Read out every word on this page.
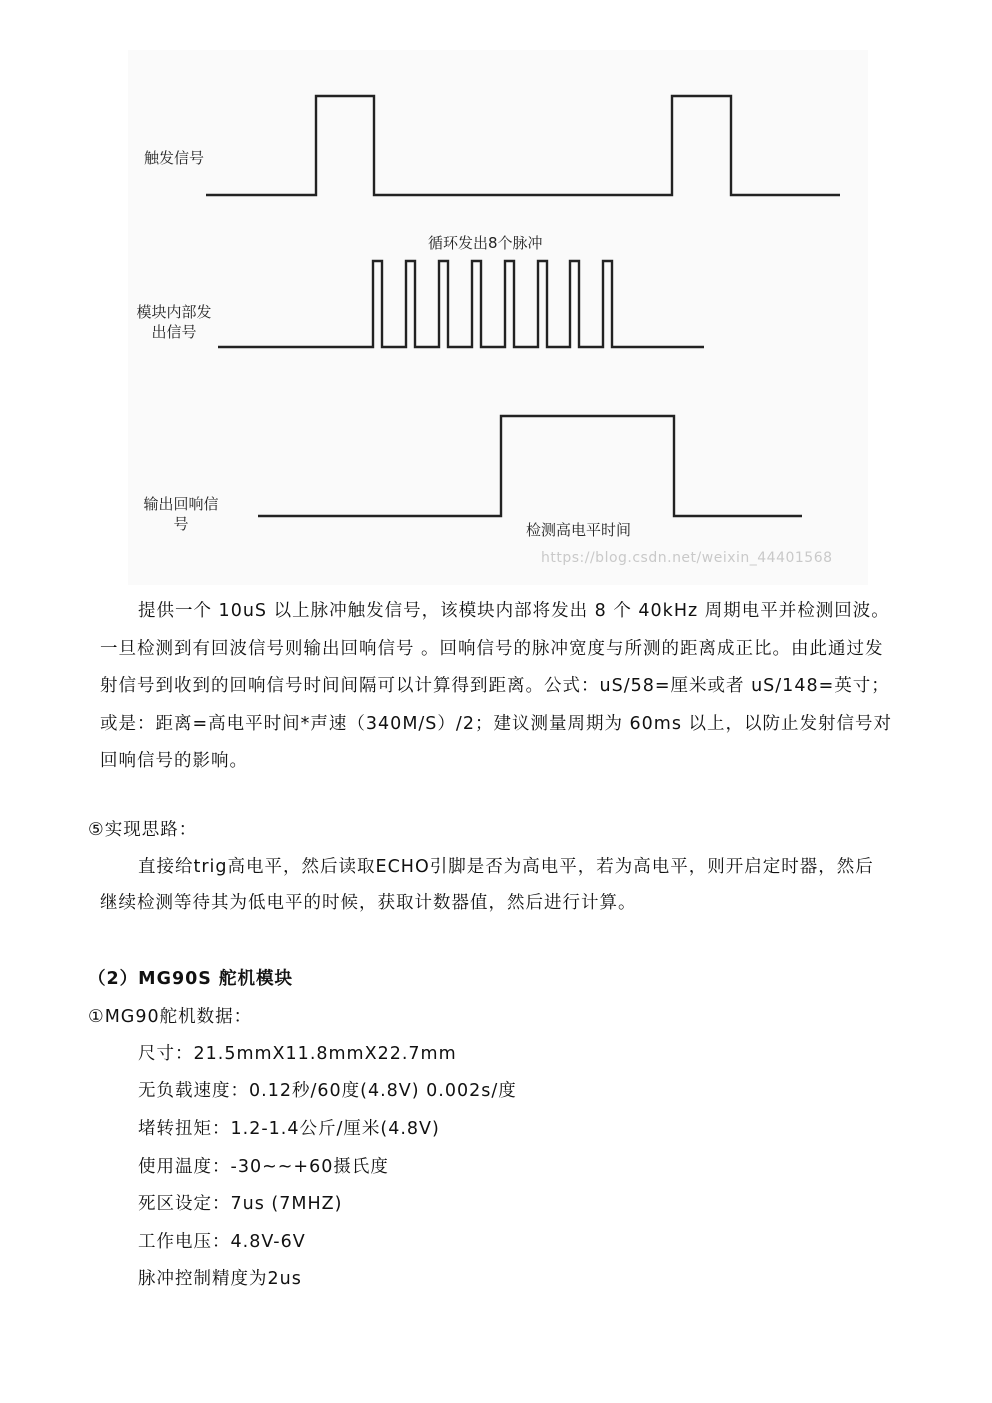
触发信号
模块内部发
出信号
循环发出8个脉冲
输出回响信
号	检测高电平时间
https://blog.csdn.net/weixin_44401568
提供一个 10uS 以上脉冲触发信号，该模块内部将发出 8 个 40kHz 周期电平并检测回波。一旦检测到有回波信号则输出回响信号 。回响信号的脉冲宽度与所测的距离成正比。由此通过发射信号到收到的回响信号时间间隔可以计算得到距离。公式：uS/58=厘米或者 uS/148=英寸；或是：距离=高电平时间*声速（340M/S）/2；建议测量周期为 60ms 以上，以防止发射信号对回响信号的影响。
⑤实现思路：
直接给trig高电平，然后读取ECHO引脚是否为高电平，若为高电平，则开启定时器，然后继续检测等待其为低电平的时候，获取计数器值，然后进行计算。
（2）MG90S 舵机模块
①MG90舵机数据：
尺寸：21.5mmX11.8mmX22.7mm
无负载速度：0.12秒/60度(4.8V) 0.002s/度
堵转扭矩：1.2-1.4公斤/厘米(4.8V)
使用温度：-30~~+60摄氏度
死区设定：7us (7MHZ)
工作电压：4.8V-6V
脉冲控制精度为2us
